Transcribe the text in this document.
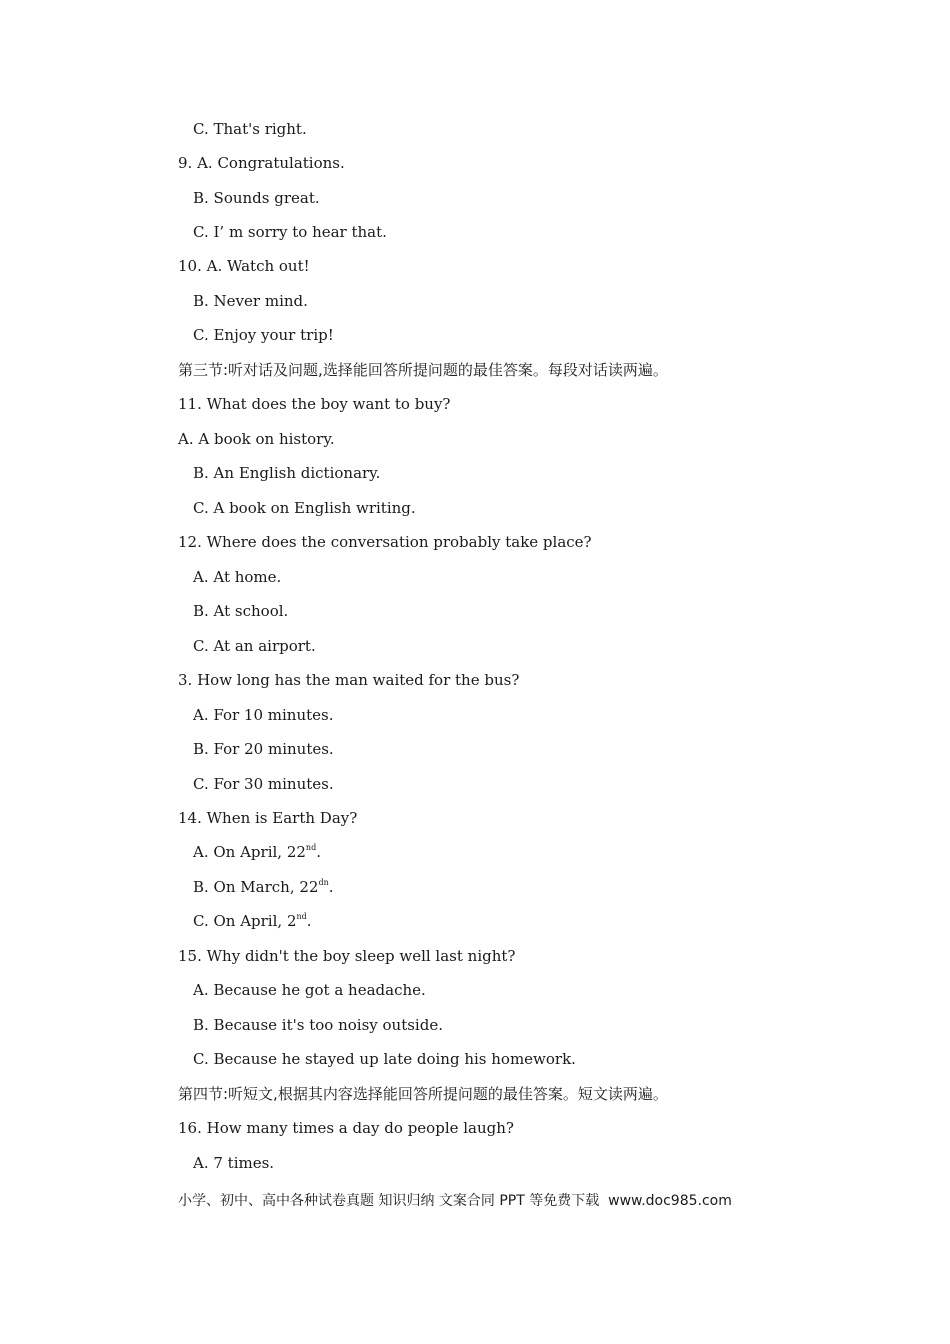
C. That's right.
9. A. Congratulations.
B. Sounds great.
C. I’ m sorry to hear that.
10. A. Watch out!
B. Never mind.
C. Enjoy your trip!
第三节:听对话及问题,选择能回答所提问题的最佳答案。每段对话读两遍。
11. What does the boy want to buy?
A. A book on history.
B. An English dictionary.
C. A book on English writing.
12. Where does the conversation probably take place?
A. At home.
B. At school.
C. At an airport.
3. How long has the man waited for the bus?
A. For 10 minutes.
B. For 20 minutes.
C. For 30 minutes.
14. When is Earth Day?
A. On April, 22nd.
B. On March, $22^{dn}$.
C. On April, 2nd.
15. Why didn't the boy sleep well last night?
A. Because he got a headache.
B. Because it's too noisy outside.
C. Because he stayed up late doing his homework.
第四节:听短文,根据其内容选择能回答所提问题的最佳答案。短文读两遍。
16. How many times a day do people laugh?
A. 7 times.
小学、初中、高中各种试卷真题 知识归纳 文案合同 PPT 等免费下载  www.doc985.com
